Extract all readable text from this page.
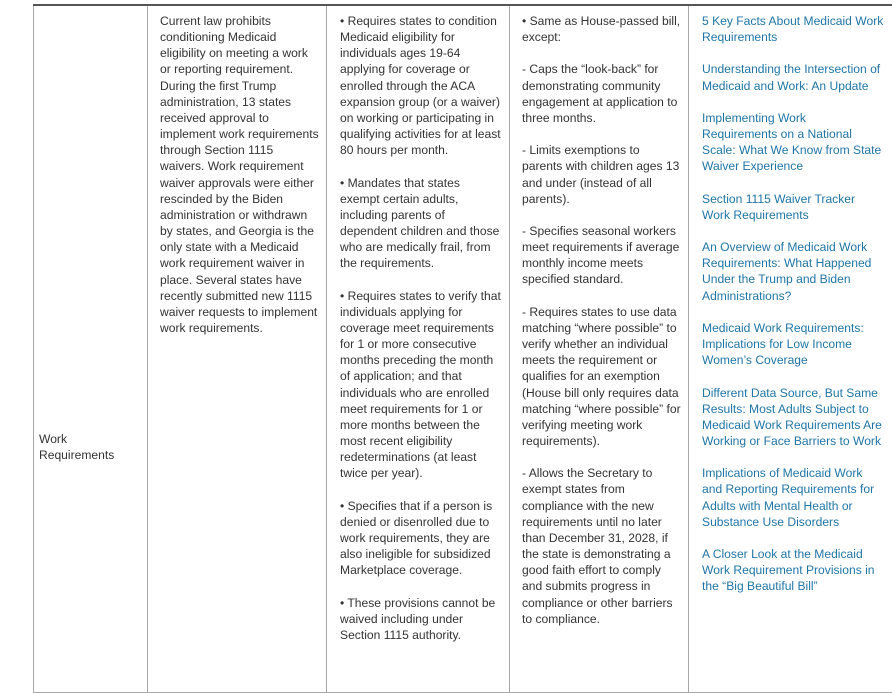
Work
Requirements

Current law prohibits conditioning Medicaid eligibility on meeting a work or reporting requirement. During the first Trump administration, 13 states received approval to implement work requirements through Section 1115 waivers. Work requirement waiver approvals were either rescinded by the Biden administration or withdrawn by states, and Georgia is the only state with a Medicaid work requirement waiver in place. Several states have recently submitted new 1115 waiver requests to implement work requirements.

• Requires states to condition Medicaid eligibility for individuals ages 19-64 applying for coverage or enrolled through the ACA expansion group (or a waiver) on working or participating in qualifying activities for at least 80 hours per month.

• Mandates that states exempt certain adults, including parents of dependent children and those who are medically frail, from the requirements.

• Requires states to verify that individuals applying for coverage meet requirements for 1 or more consecutive months preceding the month of application; and that individuals who are enrolled meet requirements for 1 or more months between the most recent eligibility redeterminations (at least twice per year).

• Specifies that if a person is denied or disenrolled due to work requirements, they are also ineligible for subsidized Marketplace coverage.

• These provisions cannot be waived including under Section 1115 authority.

• Same as House-passed bill, except:

- Caps the “look-back” for demonstrating community engagement at application to three months.

- Limits exemptions to parents with children ages 13 and under (instead of all parents).

- Specifies seasonal workers meet requirements if average monthly income meets specified standard.

- Requires states to use data matching “where possible” to verify whether an individual meets the requirement or qualifies for an exemption (House bill only requires data matching “where possible” for verifying meeting work requirements).

- Allows the Secretary to exempt states from compliance with the new requirements until no later than December 31, 2028, if the state is demonstrating a good faith effort to comply and submits progress in compliance or other barriers to compliance.

5 Key Facts About Medicaid Work Requirements
Understanding the Intersection of Medicaid and Work: An Update
Implementing Work Requirements on a National Scale: What We Know from State Waiver Experience
Section 1115 Waiver Tracker Work Requirements
An Overview of Medicaid Work Requirements: What Happened Under the Trump and Biden Administrations?
Medicaid Work Requirements: Implications for Low Income Women’s Coverage
Different Data Source, But Same Results: Most Adults Subject to Medicaid Work Requirements Are Working or Face Barriers to Work
Implications of Medicaid Work and Reporting Requirements for Adults with Mental Health or Substance Use Disorders
A Closer Look at the Medicaid Work Requirement Provisions in the “Big Beautiful Bill”
